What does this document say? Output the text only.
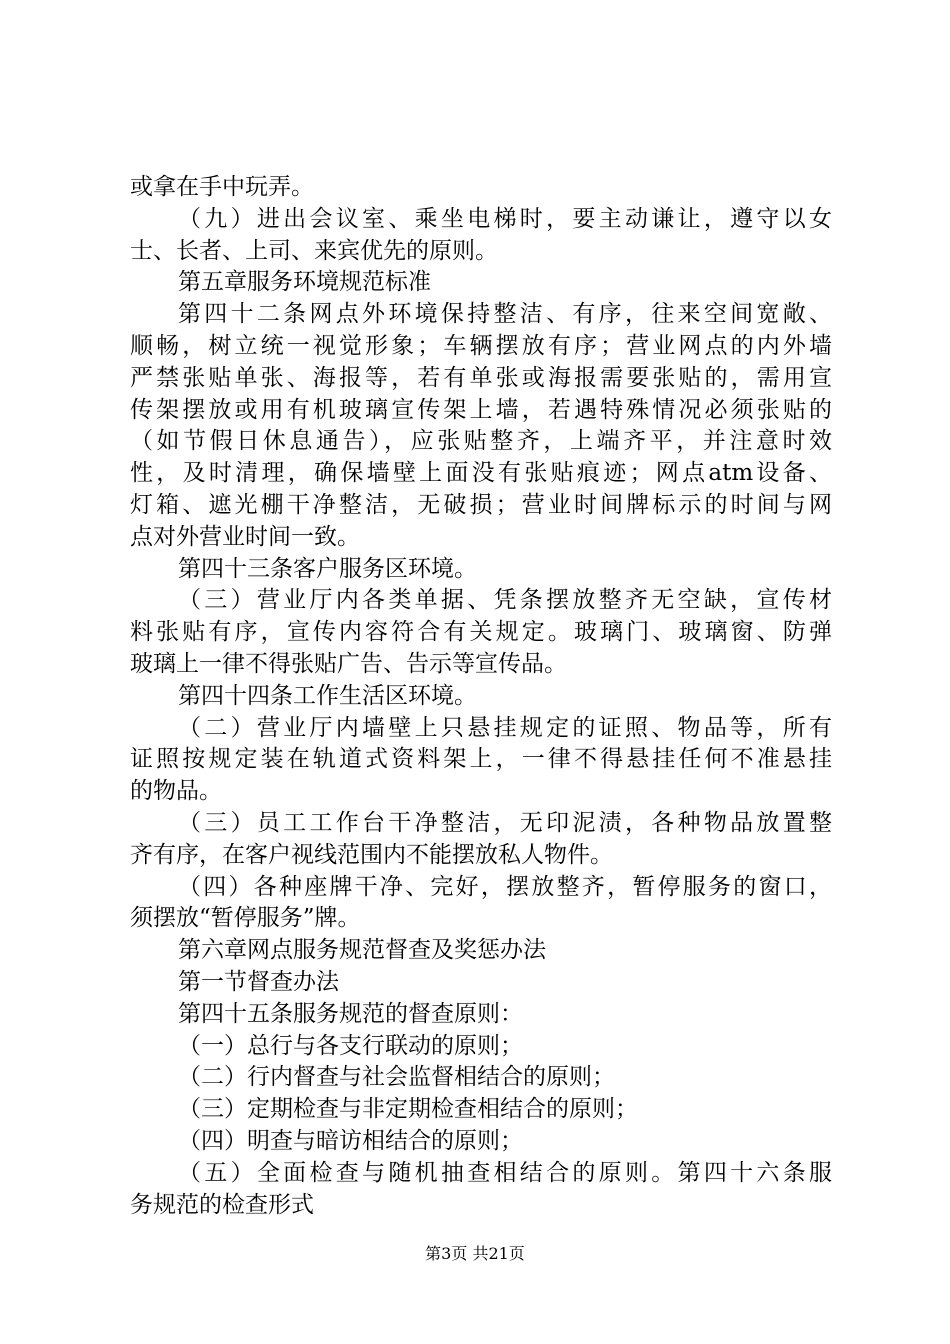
或拿在手中玩弄。
（九）进出会议室、乘坐电梯时，要主动谦让，遵守以女
士、长者、上司、来宾优先的原则。
第五章服务环境规范标准
第四十二条网点外环境保持整洁、有序，往来空间宽敞、
顺畅，树立统一视觉形象；车辆摆放有序；营业网点的内外墙
严禁张贴单张、海报等，若有单张或海报需要张贴的，需用宣
传架摆放或用有机玻璃宣传架上墙，若遇特殊情况必须张贴的
（如节假日休息通告），应张贴整齐，上端齐平，并注意时效
性，及时清理，确保墙壁上面没有张贴痕迹；网点atm设备、
灯箱、遮光棚干净整洁，无破损；营业时间牌标示的时间与网
点对外营业时间一致。
第四十三条客户服务区环境。
（三）营业厅内各类单据、凭条摆放整齐无空缺，宣传材
料张贴有序，宣传内容符合有关规定。玻璃门、玻璃窗、防弹
玻璃上一律不得张贴广告、告示等宣传品。
第四十四条工作生活区环境。
（二）营业厅内墙壁上只悬挂规定的证照、物品等，所有
证照按规定装在轨道式资料架上，一律不得悬挂任何不准悬挂
的物品。
（三）员工工作台干净整洁，无印泥渍，各种物品放置整
齐有序，在客户视线范围内不能摆放私人物件。
（四）各种座牌干净、完好，摆放整齐，暂停服务的窗口，
须摆放“暂停服务”牌。
第六章网点服务规范督查及奖惩办法
第一节督查办法
第四十五条服务规范的督查原则：
（一）总行与各支行联动的原则；
（二）行内督查与社会监督相结合的原则；
（三）定期检查与非定期检查相结合的原则；
（四）明查与暗访相结合的原则；
（五）全面检查与随机抽查相结合的原则。第四十六条服
务规范的检查形式
第3页 共21页
